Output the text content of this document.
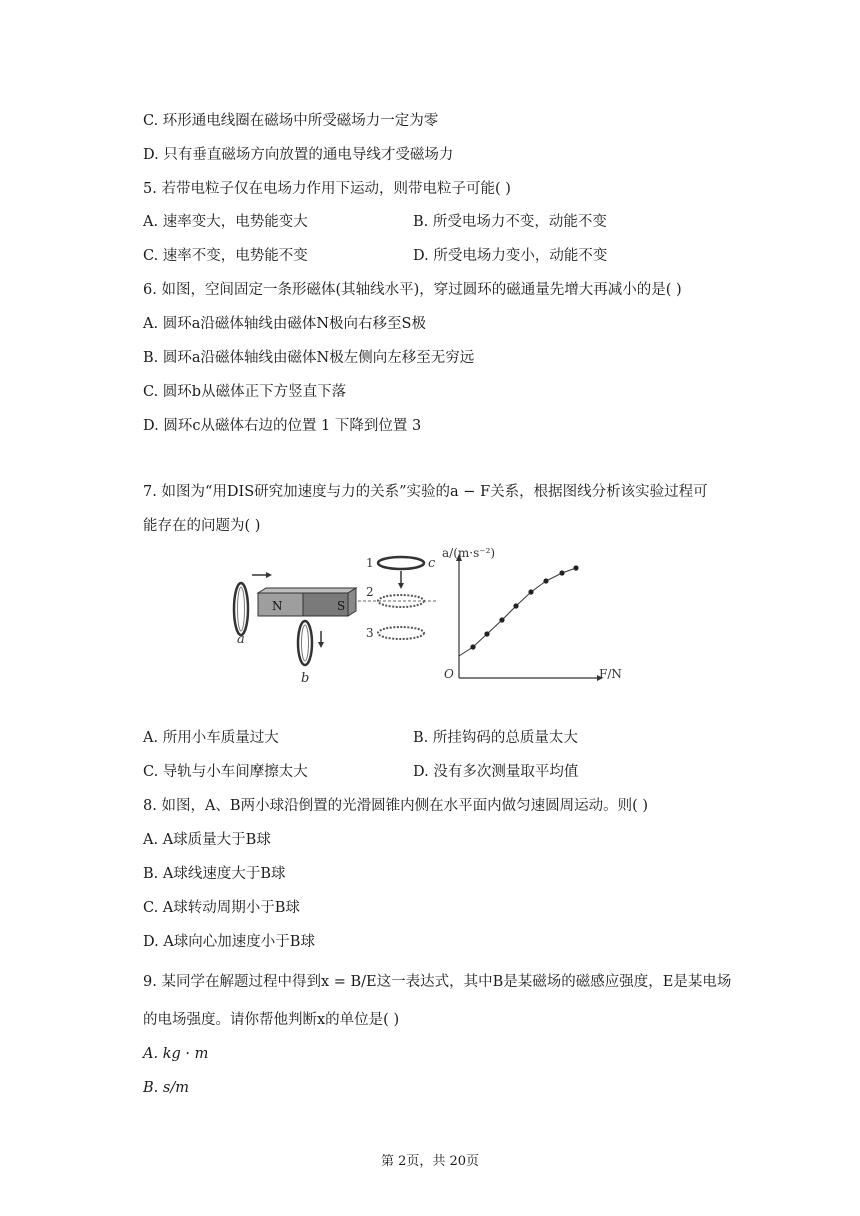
C. 环形通电线圈在磁场中所受磁场力一定为零
D. 只有垂直磁场方向放置的通电导线才受磁场力
5. 若带电粒子仅在电场力作用下运动，则带电粒子可能( )
A. 速率变大，电势能变大	B. 所受电场力不变，动能不变
C. 速率不变，电势能不变	D. 所受电场力变小，动能不变
6. 如图，空间固定一条形磁体(其轴线水平)，穿过圆环的磁通量先增大再减小的是( )
A. 圆环a沿磁体轴线由磁体N极向右移至S极
B. 圆环a沿磁体轴线由磁体N极左侧向左移至无穷远
C. 圆环b从磁体正下方竖直下落
D. 圆环c从磁体右边的位置 1 下降到位置 3
7. 如图为“用DIS研究加速度与力的关系”实验的a − F关系，根据图线分析该实验过程可
能存在的问题为( )
a
N	S
b
1	c
2
3
a/(m·s⁻²)
F/N
O
A. 所用小车质量过大	B. 所挂钩码的总质量太大
C. 导轨与小车间摩擦太大	D. 没有多次测量取平均值
8. 如图，A、B两小球沿倒置的光滑圆锥内侧在水平面内做匀速圆周运动。则( )
A. A球质量大于B球
B. A球线速度大于B球
C. A球转动周期小于B球
D. A球向心加速度小于B球
9. 某同学在解题过程中得到x = B/E这一表达式，其中B是某磁场的磁感应强度，E是某电场
的电场强度。请你帮他判断x的单位是( )
A. kg · m
B. s/m
第 2页，共 20页
